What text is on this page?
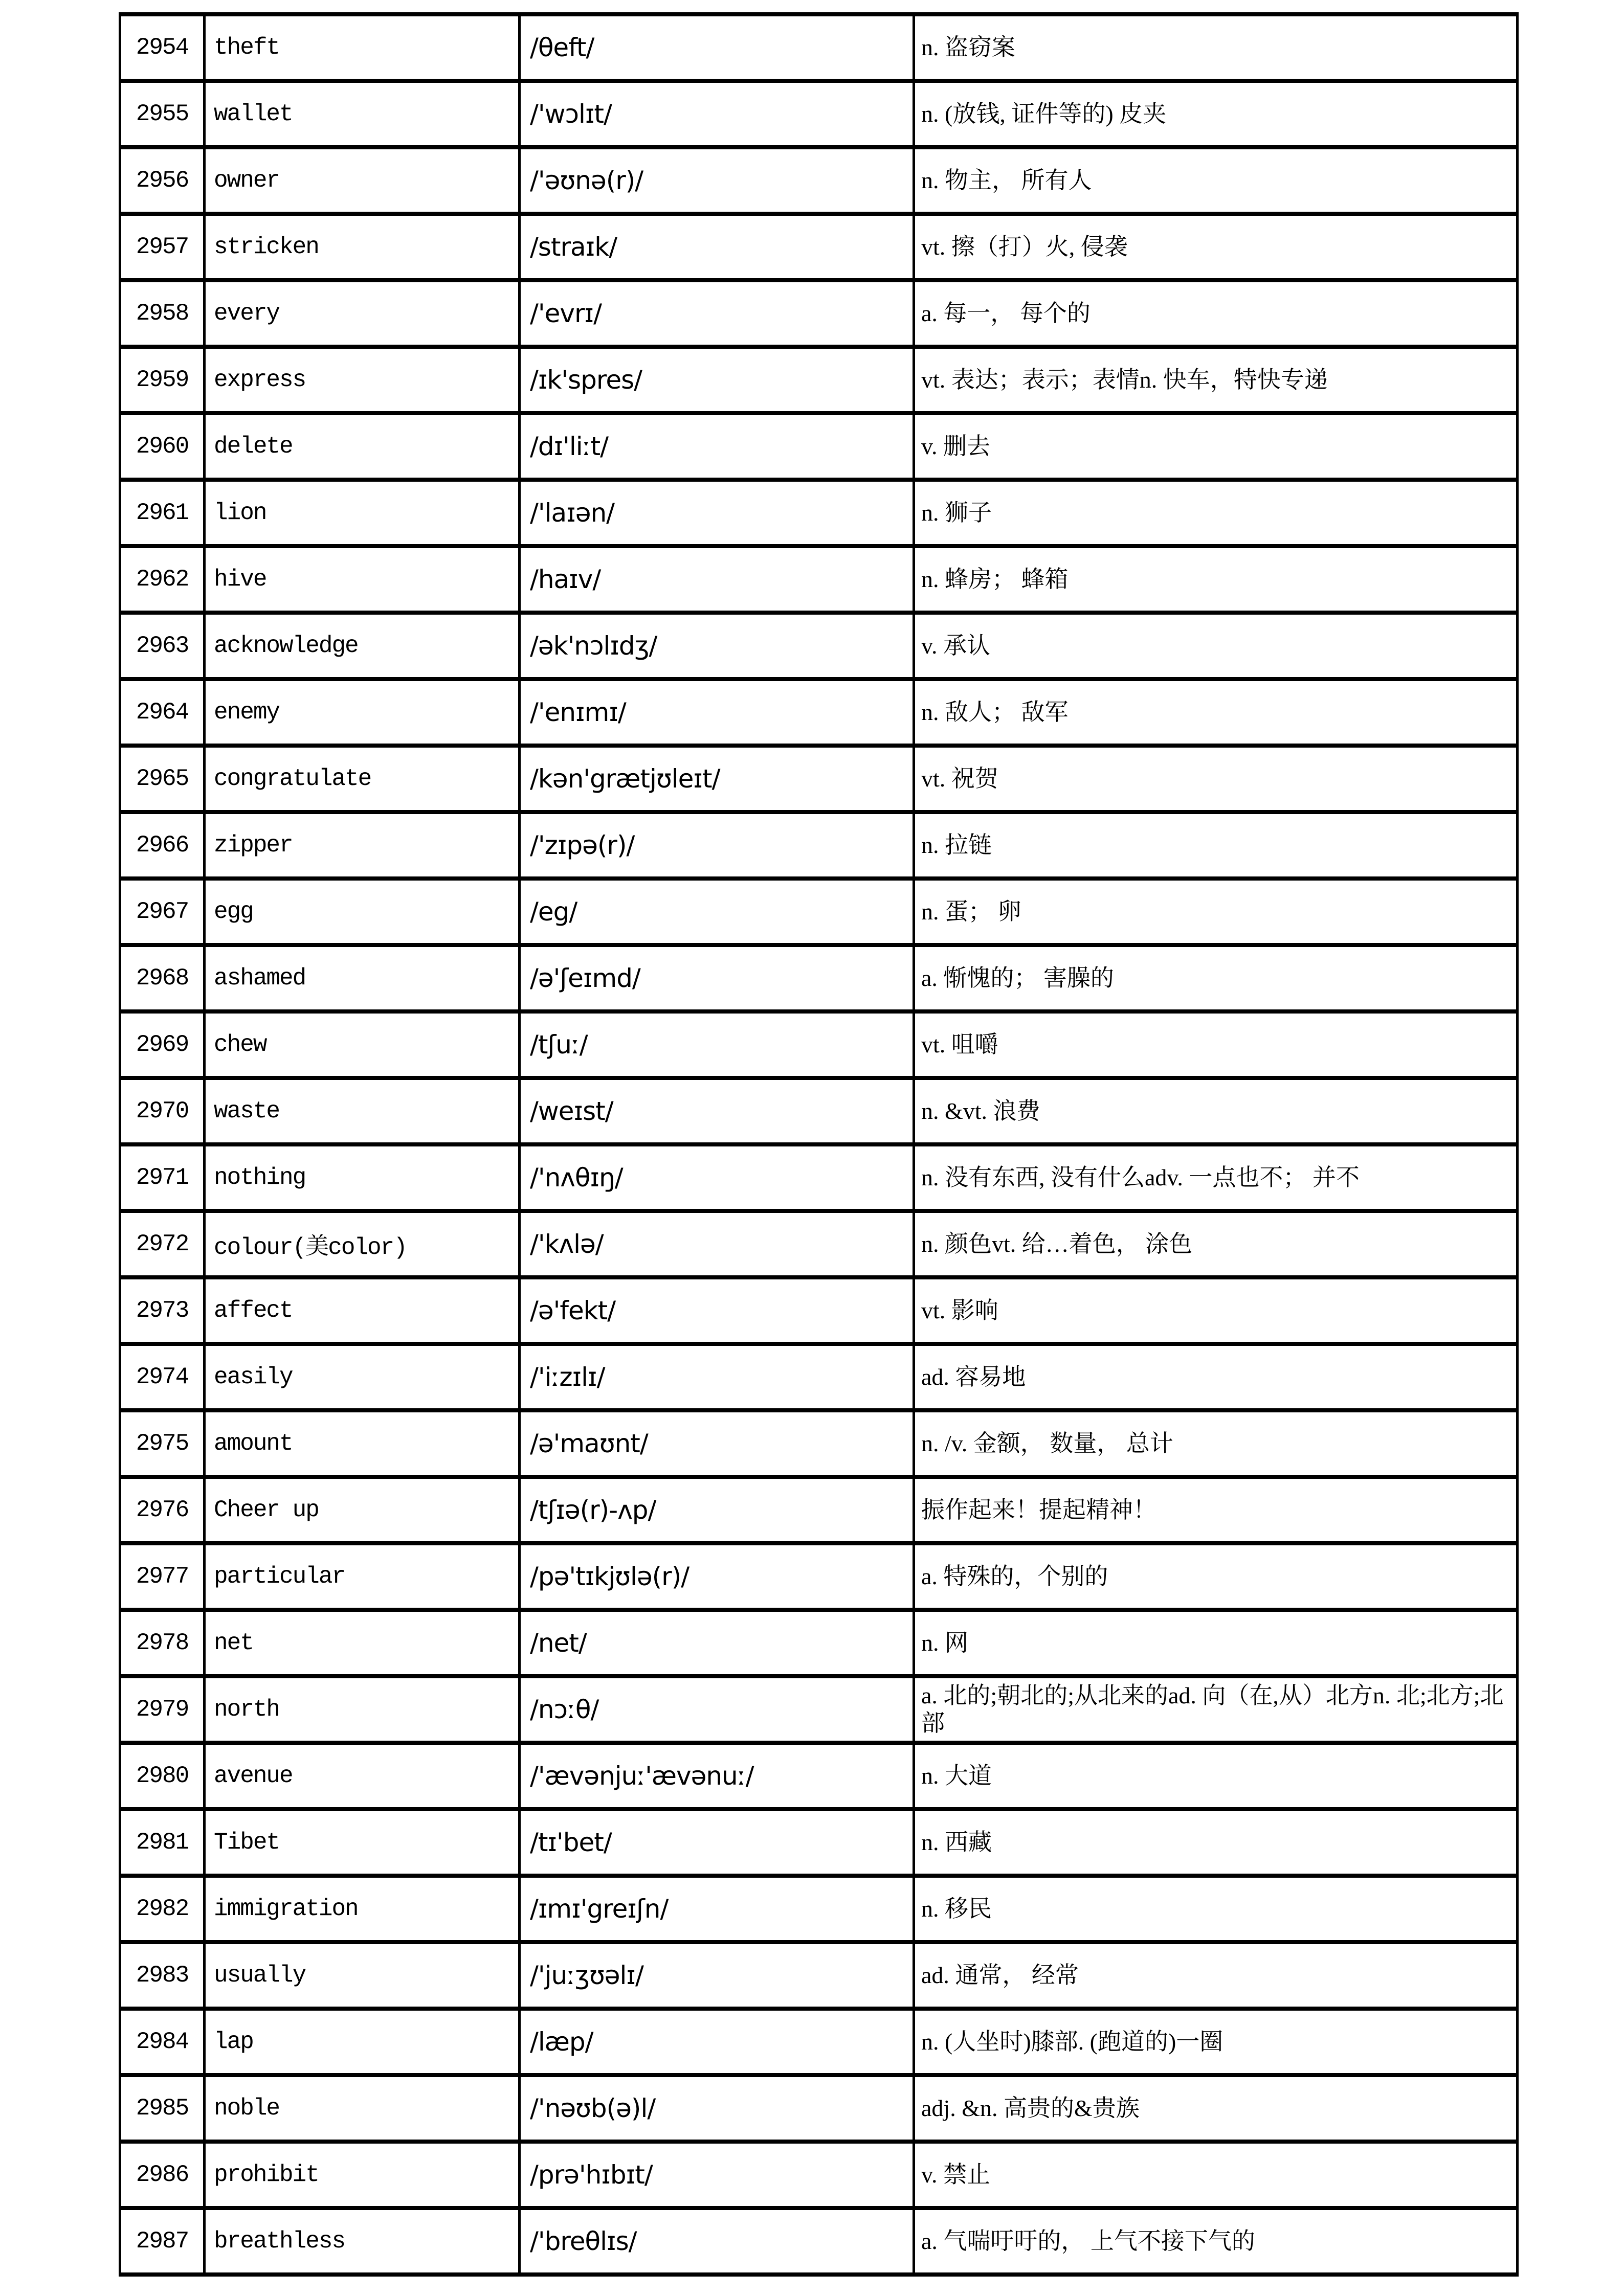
2954	theft	/θeft/	n. 盗窃案
2955	wallet	/'wɔlɪt/	n. (放钱, 证件等的) 皮夹
2956	owner	/'əʊnə(r)/	n. 物主， 所有人
2957	stricken	/straɪk/	vt. 擦（打）火, 侵袭
2958	every	/'evrɪ/	a. 每一， 每个的
2959	express	/ɪk'spres/	vt. 表达；表示；表情n. 快车，特快专递
2960	delete	/dɪ'liːt/	v. 删去
2961	lion	/'laɪən/	n. 狮子
2962	hive	/haɪv/	n. 蜂房； 蜂箱
2963	acknowledge	/ək'nɔlɪdʒ/	v. 承认
2964	enemy	/'enɪmɪ/	n. 敌人； 敌军
2965	congratulate	/kən'grætjʊleɪt/	vt. 祝贺
2966	zipper	/'zɪpə(r)/	n. 拉链
2967	egg	/eg/	n. 蛋； 卵
2968	ashamed	/ə'ʃeɪmd/	a. 惭愧的； 害臊的
2969	chew	/tʃuː/	vt. 咀嚼
2970	waste	/weɪst/	n. &vt. 浪费
2971	nothing	/'nʌθɪŋ/	n. 没有东西, 没有什么adv. 一点也不； 并不
2972	colour(美color)	/'kʌlə/	n. 颜色vt. 给…着色， 涂色
2973	affect	/ə'fekt/	vt. 影响
2974	easily	/'iːzɪlɪ/	ad. 容易地
2975	amount	/ə'maʊnt/	n. /v. 金额， 数量， 总计
2976	Cheer up	/tʃɪə(r)-ʌp/	振作起来！提起精神！
2977	particular	/pə'tɪkjʊlə(r)/	a. 特殊的，个别的
2978	net	/net/	n. 网
2979	north	/nɔːθ/	a. 北的;朝北的;从北来的ad. 向（在,从）北方n. 北;北方;北部
2980	avenue	/'ævənjuː'ævənuː/	n. 大道
2981	Tibet	/tɪ'bet/	n. 西藏
2982	immigration	/ɪmɪ'greɪʃn/	n. 移民
2983	usually	/'juːʒʊəlɪ/	ad. 通常， 经常
2984	lap	/læp/	n. (人坐时)膝部. (跑道的)一圈
2985	noble	/'nəʊb(ə)l/	adj. &n. 高贵的&贵族
2986	prohibit	/prə'hɪbɪt/	v. 禁止
2987	breathless	/'breθlɪs/	a. 气喘吁吁的， 上气不接下气的
